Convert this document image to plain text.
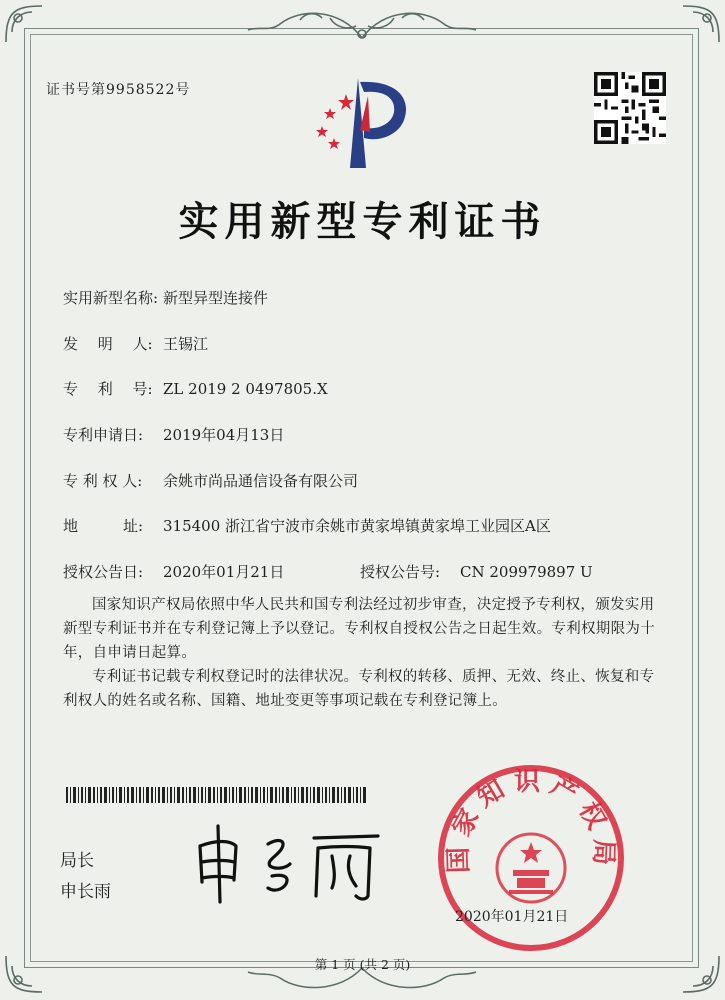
证书号第9958522号
实用新型专利证书
实用新型名称: 新型异型连接件
发　 明　 人: 王锡江
专　 利　 号: ZL 2019 2 0497805.X
专利申请日: 2019年04月13日
专 利 权 人: 余姚市尚品通信设备有限公司
地　　　址: 315400 浙江省宁波市余姚市黄家埠镇黄家埠工业园区A区
授权公告日: 2020年01月21日	授权公告号: CN 209979897 U
国家知识产权局依照中华人民共和国专利法经过初步审查，决定授予专利权，颁发实用新型专利证书并在专利登记簿上予以登记。专利权自授权公告之日起生效。专利权期限为十年，自申请日起算。
专利证书记载专利权登记时的法律状况。专利权的转移、质押、无效、终止、恢复和专利权人的姓名或名称、国籍、地址变更等事项记载在专利登记簿上。
局长
申长雨
国家知识产权局
2020年01月21日
第 1 页 (共 2 页)
